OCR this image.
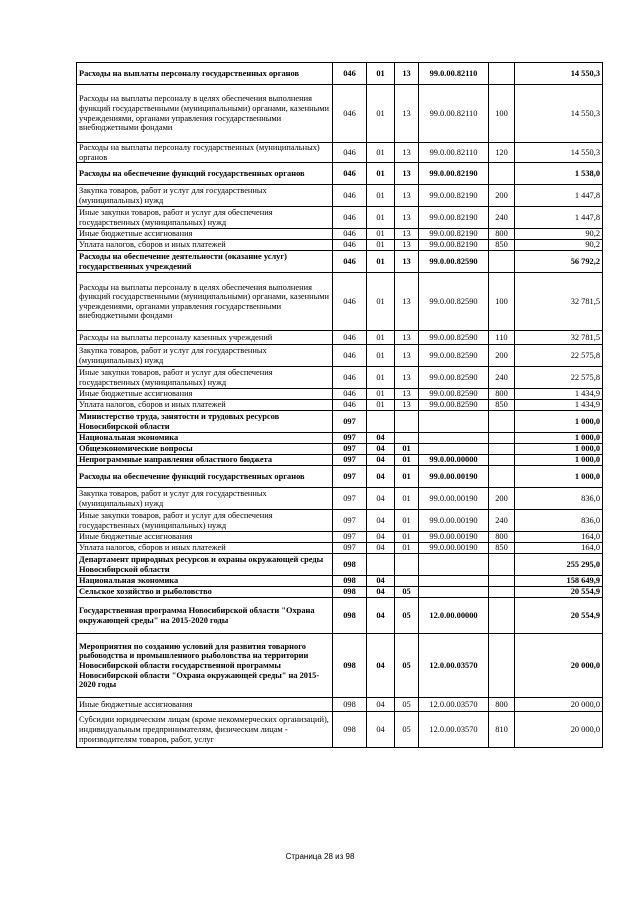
Расходы на выплаты персоналу государственных органов	046	01	13	99.0.00.82110		14 550,3
Расходы на выплаты персоналу в целях обеспечения выполнения функций государственными (муниципальными) органами, казенными учреждениями, органами управления государственными внебюджетными фондами	046	01	13	99.0.00.82110	100	14 550,3
Расходы на выплаты персоналу государственных (муниципальных) органов	046	01	13	99.0.00.82110	120	14 550,3
Расходы на обеспечение функций государственных органов	046	01	13	99.0.00.82190		1 538,0
Закупка товаров, работ и услуг для государственных (муниципальных) нужд	046	01	13	99.0.00.82190	200	1 447,8
Иные закупки товаров, работ и услуг для обеспечения государственных (муниципальных) нужд	046	01	13	99.0.00.82190	240	1 447,8
Иные бюджетные ассигнования	046	01	13	99.0.00.82190	800	90,2
Уплата налогов, сборов и иных платежей	046	01	13	99.0.00.82190	850	90,2
Расходы на обеспечение деятельности (оказание услуг) государственных учреждений	046	01	13	99.0.00.82590		56 792,2
Расходы на выплаты персоналу в целях обеспечения выполнения функций государственными (муниципальными) органами, казенными учреждениями, органами управления государственными внебюджетными фондами	046	01	13	99.0.00.82590	100	32 781,5
Расходы на выплаты персоналу казенных учреждений	046	01	13	99.0.00.82590	110	32 781,5
Закупка товаров, работ и услуг для государственных (муниципальных) нужд	046	01	13	99.0.00.82590	200	22 575,8
Иные закупки товаров, работ и услуг для обеспечения государственных (муниципальных) нужд	046	01	13	99.0.00.82590	240	22 575,8
Иные бюджетные ассигнования	046	01	13	99.0.00.82590	800	1 434,9
Уплата налогов, сборов и иных платежей	046	01	13	99.0.00.82590	850	1 434,9
Министерство труда, занятости и трудовых ресурсов Новосибирской области	097					1 000,0
Национальная экономика	097	04				1 000,0
Общеэкономические вопросы	097	04	01			1 000,0
Непрограммные направления областного бюджета	097	04	01	99.0.00.00000		1 000,0
Расходы на обеспечение функций государственных органов	097	04	01	99.0.00.00190		1 000,0
Закупка товаров, работ и услуг для государственных (муниципальных) нужд	097	04	01	99.0.00.00190	200	836,0
Иные закупки товаров, работ и услуг для обеспечения государственных (муниципальных) нужд	097	04	01	99.0.00.00190	240	836,0
Иные бюджетные ассигнования	097	04	01	99.0.00.00190	800	164,0
Уплата налогов, сборов и иных платежей	097	04	01	99.0.00.00190	850	164,0
Департамент природных ресурсов и охраны окружающей среды Новосибирской области	098					255 295,0
Национальная экономика	098	04				158 649,9
Сельское хозяйство и рыболовство	098	04	05			20 554,9
Государственная программа Новосибирской области "Охрана окружающей среды" на 2015-2020 годы	098	04	05	12.0.00.00000		20 554,9
Мероприятия по созданию условий для развития товарного рыбоводства и промышленного рыболовства на территории Новосибирской области государственной программы Новосибирской области "Охрана окружающей среды" на 2015-2020 годы	098	04	05	12.0.00.03570		20 000,0
Иные бюджетные ассигнования	098	04	05	12.0.00.03570	800	20 000,0
Субсидии юридическим лицам (кроме некоммерческих организаций), индивидуальным предпринимателям, физическим лицам - производителям товаров, работ, услуг	098	04	05	12.0.00.03570	810	20 000,0
Страница 28 из 98
